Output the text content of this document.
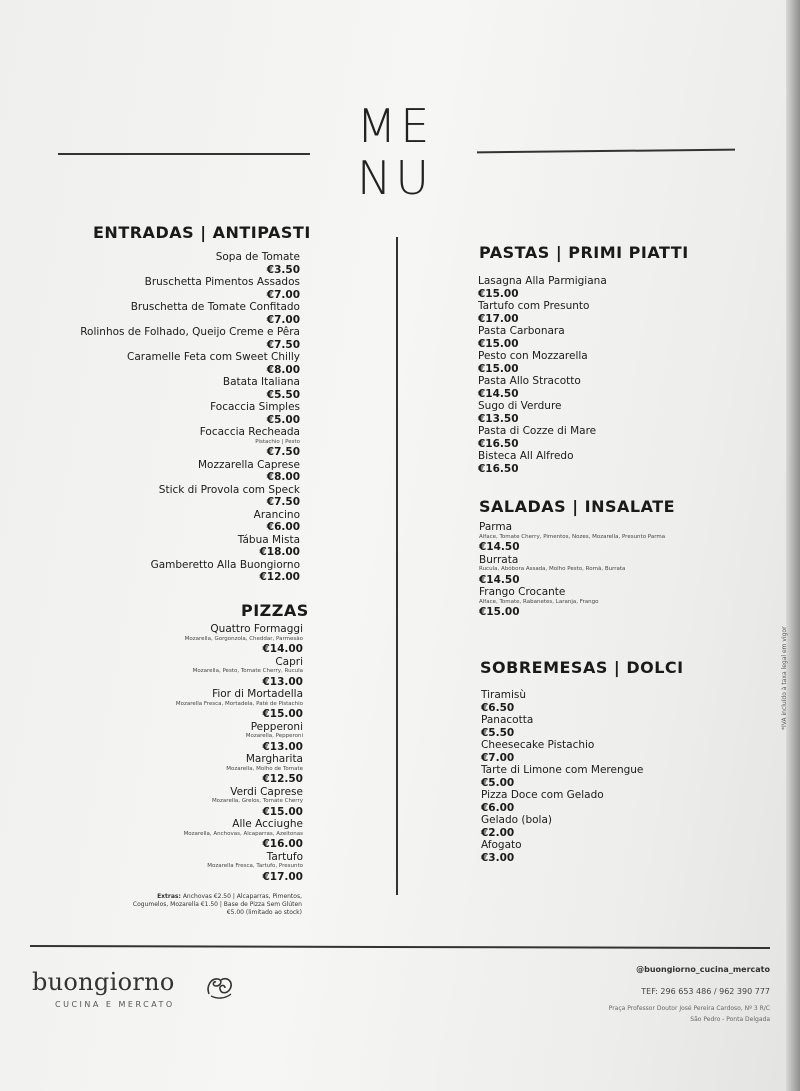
ME
NU
ENTRADAS | ANTIPASTI
Sopa de Tomate
€3.50
Bruschetta Pimentos Assados
€7.00
Bruschetta de Tomate Confitado
€7.00
Rolinhos de Folhado, Queijo Creme e Pêra
€7.50
Caramelle Feta com Sweet Chilly
€8.00
Batata Italiana
€5.50
Focaccia Simples
€5.00
Focaccia Recheada
Pistachio | Pesto
€7.50
Mozzarella Caprese
€8.00
Stick di Provola com Speck
€7.50
Arancino
€6.00
Tábua Mista
€18.00
Gamberetto Alla Buongiorno
€12.00
PIZZAS
Quattro Formaggi
Mozarella, Gorgonzola, Cheddar, Parmesão
€14.00
Capri
Mozarella, Pesto, Tomate Cherry, Rucula
€13.00
Fior di Mortadella
Mozarella Fresca, Mortadela, Paté de Pistachio
€15.00
Pepperoni
Mozarella, Pepperoni
€13.00
Margharita
Mozarella, Molho de Tomate
€12.50
Verdi Caprese
Mozarella, Grelos, Tomate Cherry
€15.00
Alle Acciughe
Mozarella, Anchovas, Alcaparras, Azeitonas
€16.00
Tartufo
Mozarella Fresca, Tartufo, Presunto
€17.00
Extras: Anchovas €2.50 | Alcaparras, Pimentos, Cogumelos, Mozarella €1.50 | Base de Pizza Sem Glúten €5.00 (limitado ao stock)
PASTAS | PRIMI PIATTI
Lasagna Alla Parmigiana
€15.00
Tartufo com Presunto
€17.00
Pasta Carbonara
€15.00
Pesto con Mozzarella
€15.00
Pasta Allo Stracotto
€14.50
Sugo di Verdure
€13.50
Pasta di Cozze di Mare
€16.50
Bisteca All Alfredo
€16.50
SALADAS | INSALATE
Parma
Alface, Tomate Cherry, Pimentos, Nozes, Mozarella, Presunto Parma
€14.50
Burrata
Rucula, Abóbora Assada, Molho Pesto, Romã, Burrata
€14.50
Frango Crocante
Alface, Tomate, Rabanetes, Laranja, Frango
€15.00
SOBREMESAS | DOLCI
Tiramisù
€6.50
Panacotta
€5.50
Cheesecake Pistachio
€7.00
Tarte di Limone com Merengue
€5.00
Pizza Doce com Gelado
€6.00
Gelado (bola)
€2.00
Afogato
€3.00
*IVA incluído à taxa legal em vigor
buongiorno
CUCINA E MERCATO
@buongiorno_cucina_mercato
TEF: 296 653 486 / 962 390 777
Praça Professor Doutor José Pereira Cardoso, Nº 3 R/C
São Pedro - Ponta Delgada
